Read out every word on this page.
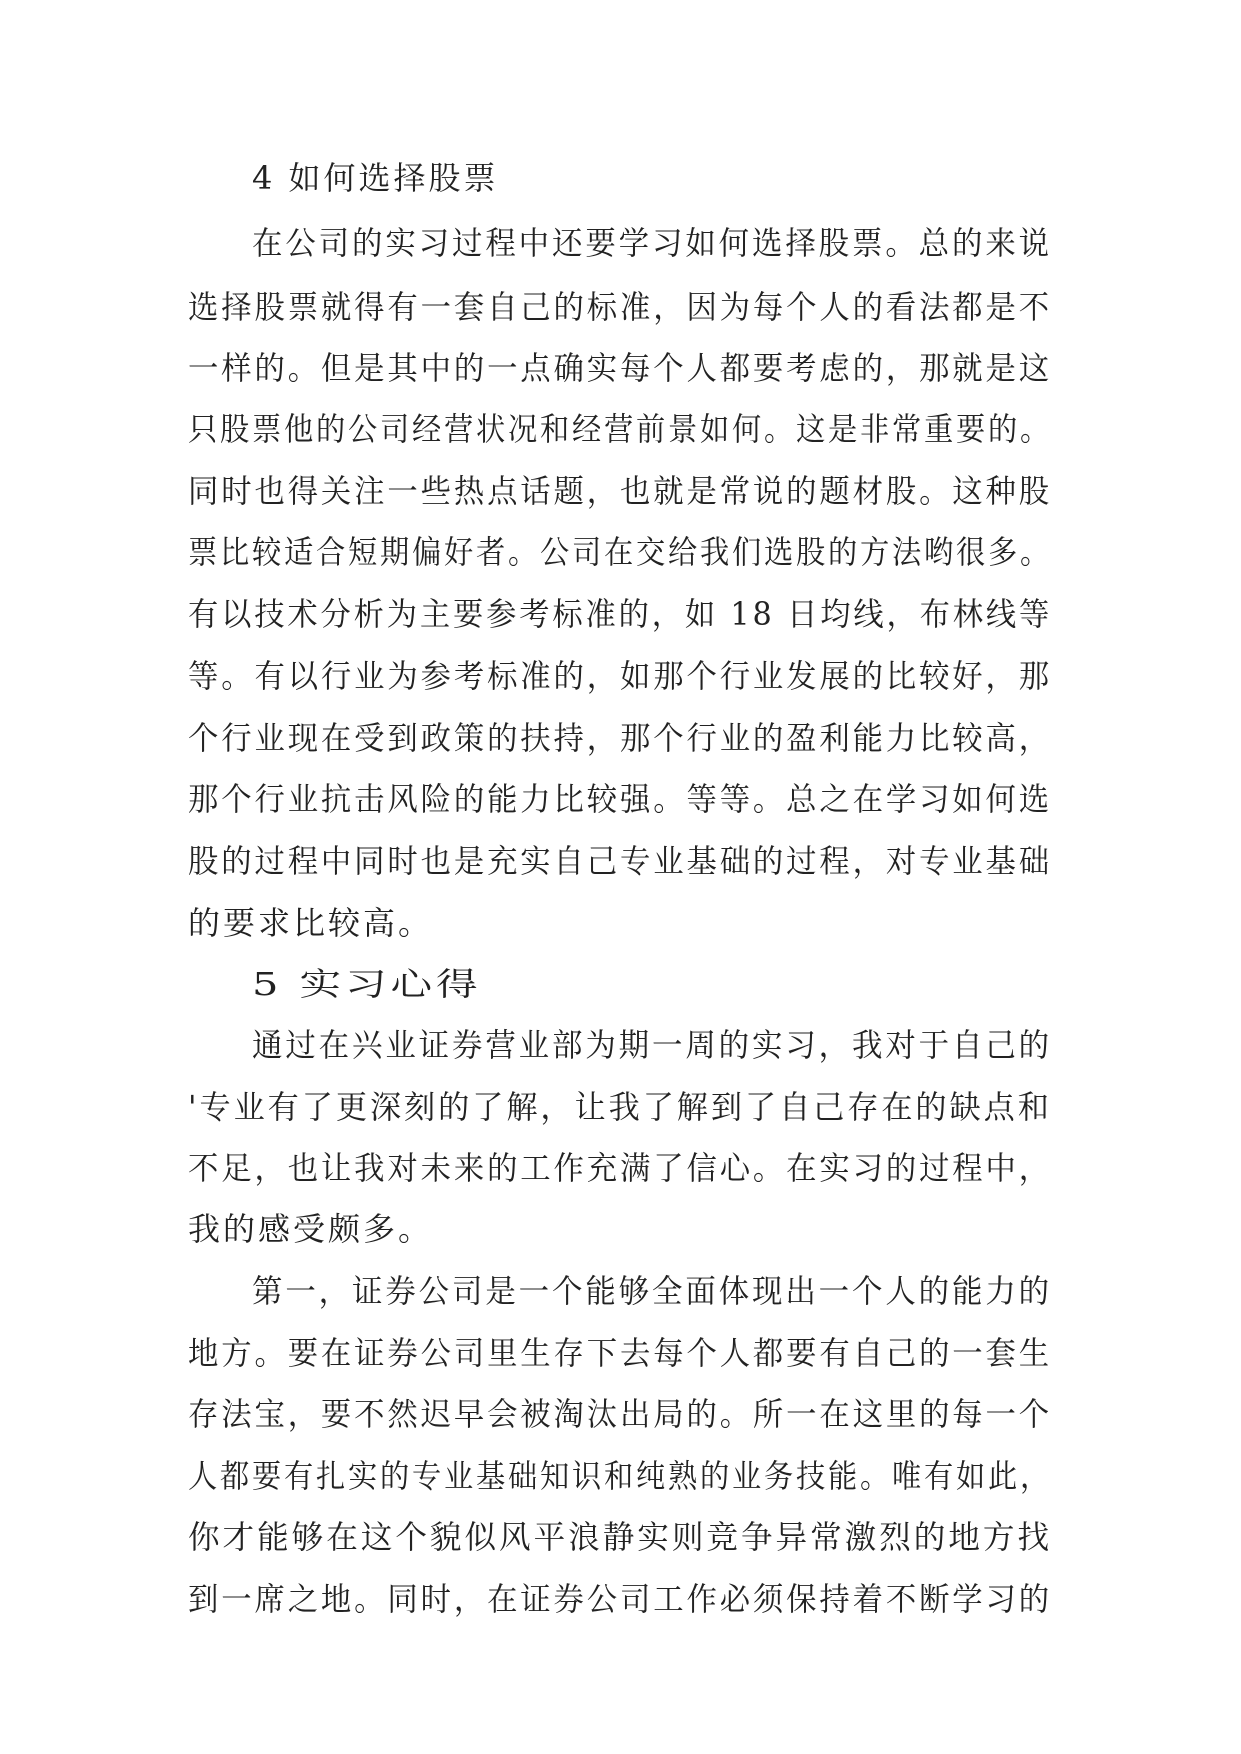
4 如何选择股票
在公司的实习过程中还要学习如何选择股票。总的来说
选择股票就得有一套自己的标准，因为每个人的看法都是不
一样的。但是其中的一点确实每个人都要考虑的，那就是这
只股票他的公司经营状况和经营前景如何。这是非常重要的。
同时也得关注一些热点话题，也就是常说的题材股。这种股
票比较适合短期偏好者。公司在交给我们选股的方法哟很多。
有以技术分析为主要参考标准的，如 18 日均线，布林线等
等。有以行业为参考标准的，如那个行业发展的比较好，那
个行业现在受到政策的扶持，那个行业的盈利能力比较高，
那个行业抗击风险的能力比较强。等等。总之在学习如何选
股的过程中同时也是充实自己专业基础的过程，对专业基础
的要求比较高。
5 实习心得
通过在兴业证券营业部为期一周的实习，我对于自己的
'专业有了更深刻的了解，让我了解到了自己存在的缺点和
不足，也让我对未来的工作充满了信心。在实习的过程中，
我的感受颇多。
第一，证券公司是一个能够全面体现出一个人的能力的
地方。要在证券公司里生存下去每个人都要有自己的一套生
存法宝，要不然迟早会被淘汰出局的。所一在这里的每一个
人都要有扎实的专业基础知识和纯熟的业务技能。唯有如此，
你才能够在这个貌似风平浪静实则竞争异常激烈的地方找
到一席之地。同时，在证券公司工作必须保持着不断学习的
